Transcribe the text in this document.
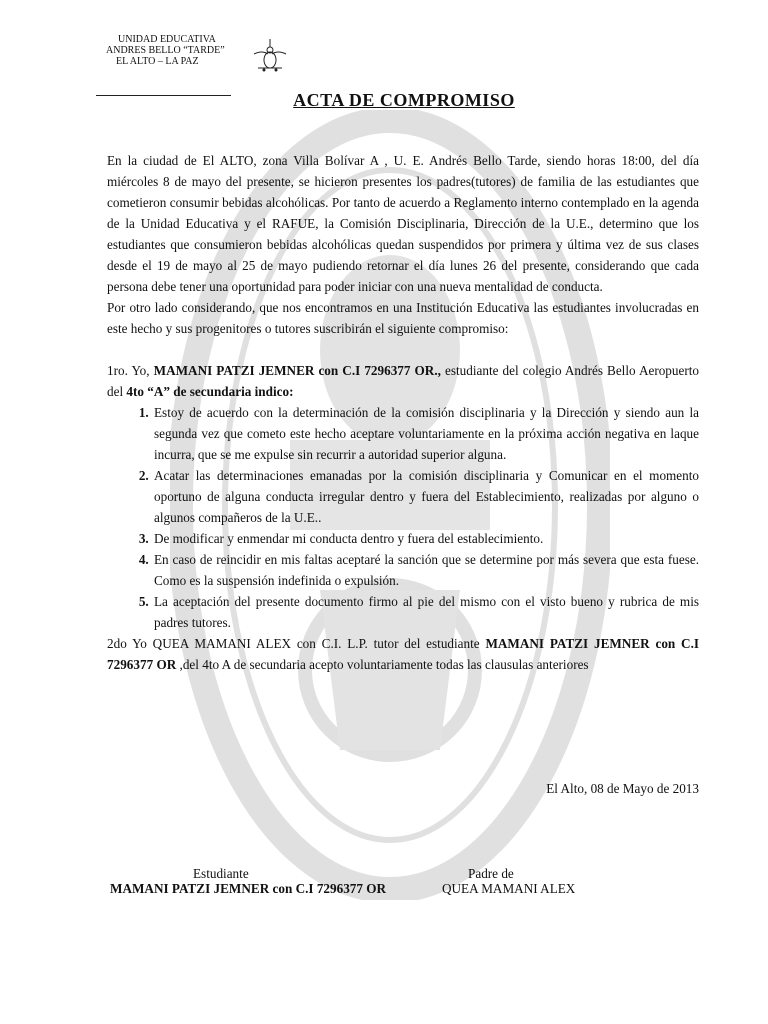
UNIDAD EDUCATIVA
ANDRES BELLO “TARDE”
EL ALTO – LA PAZ
ACTA DE COMPROMISO

En la ciudad de El ALTO, zona Villa Bolívar A , U. E. Andrés Bello Tarde, siendo horas 18:00, del día miércoles 8 de mayo del presente, se hicieron presentes los padres(tutores) de familia de las estudiantes que cometieron consumir bebidas alcohólicas. Por tanto de acuerdo a Reglamento interno contemplado en la agenda de la Unidad Educativa y el RAFUE, la Comisión Disciplinaria, Dirección de la U.E., determino que los estudiantes que consumieron bebidas alcohólicas quedan suspendidos por primera y última vez de sus clases desde el 19 de mayo al 25 de mayo pudiendo retornar el día lunes 26 del presente, considerando que cada persona debe tener una oportunidad para poder iniciar con una nueva mentalidad de conducta.

Por otro lado considerando, que nos encontramos en una Institución Educativa las estudiantes involucradas en este hecho y sus progenitores o tutores suscribirán el siguiente compromiso:

1ro. Yo, MAMANI PATZI JEMNER con C.I 7296377 OR., estudiante del colegio Andrés Bello Aeropuerto del 4to “A” de secundaria indico:

1. Estoy de acuerdo con la determinación de la comisión disciplinaria y la Dirección y siendo aun la segunda vez que cometo este hecho aceptare voluntariamente en la próxima acción negativa en laque incurra, que se me expulse sin recurrir a autoridad superior alguna.
2. Acatar las determinaciones emanadas por la comisión disciplinaria y Comunicar en el momento oportuno de alguna conducta irregular dentro y fuera del Establecimiento, realizadas por alguno o algunos compañeros de la U.E..
3. De modificar y enmendar mi conducta dentro y fuera del establecimiento.
4. En caso de reincidir en mis faltas aceptaré la sanción que se determine por más severa que esta fuese. Como es la suspensión indefinida o expulsión.
5. La aceptación del presente documento firmo al pie del mismo con el visto bueno y rubrica de mis padres tutores.

2do Yo QUEA MAMANI ALEX con C.I. L.P. tutor del estudiante MAMANI PATZI JEMNER con C.I 7296377 OR ,del 4to A de secundaria acepto voluntariamente todas las clausulas anteriores

El Alto, 08 de Mayo de 2013
Estudiante
MAMANI PATZI JEMNER con C.I 7296377 OR
Padre de
QUEA MAMANI ALEX
